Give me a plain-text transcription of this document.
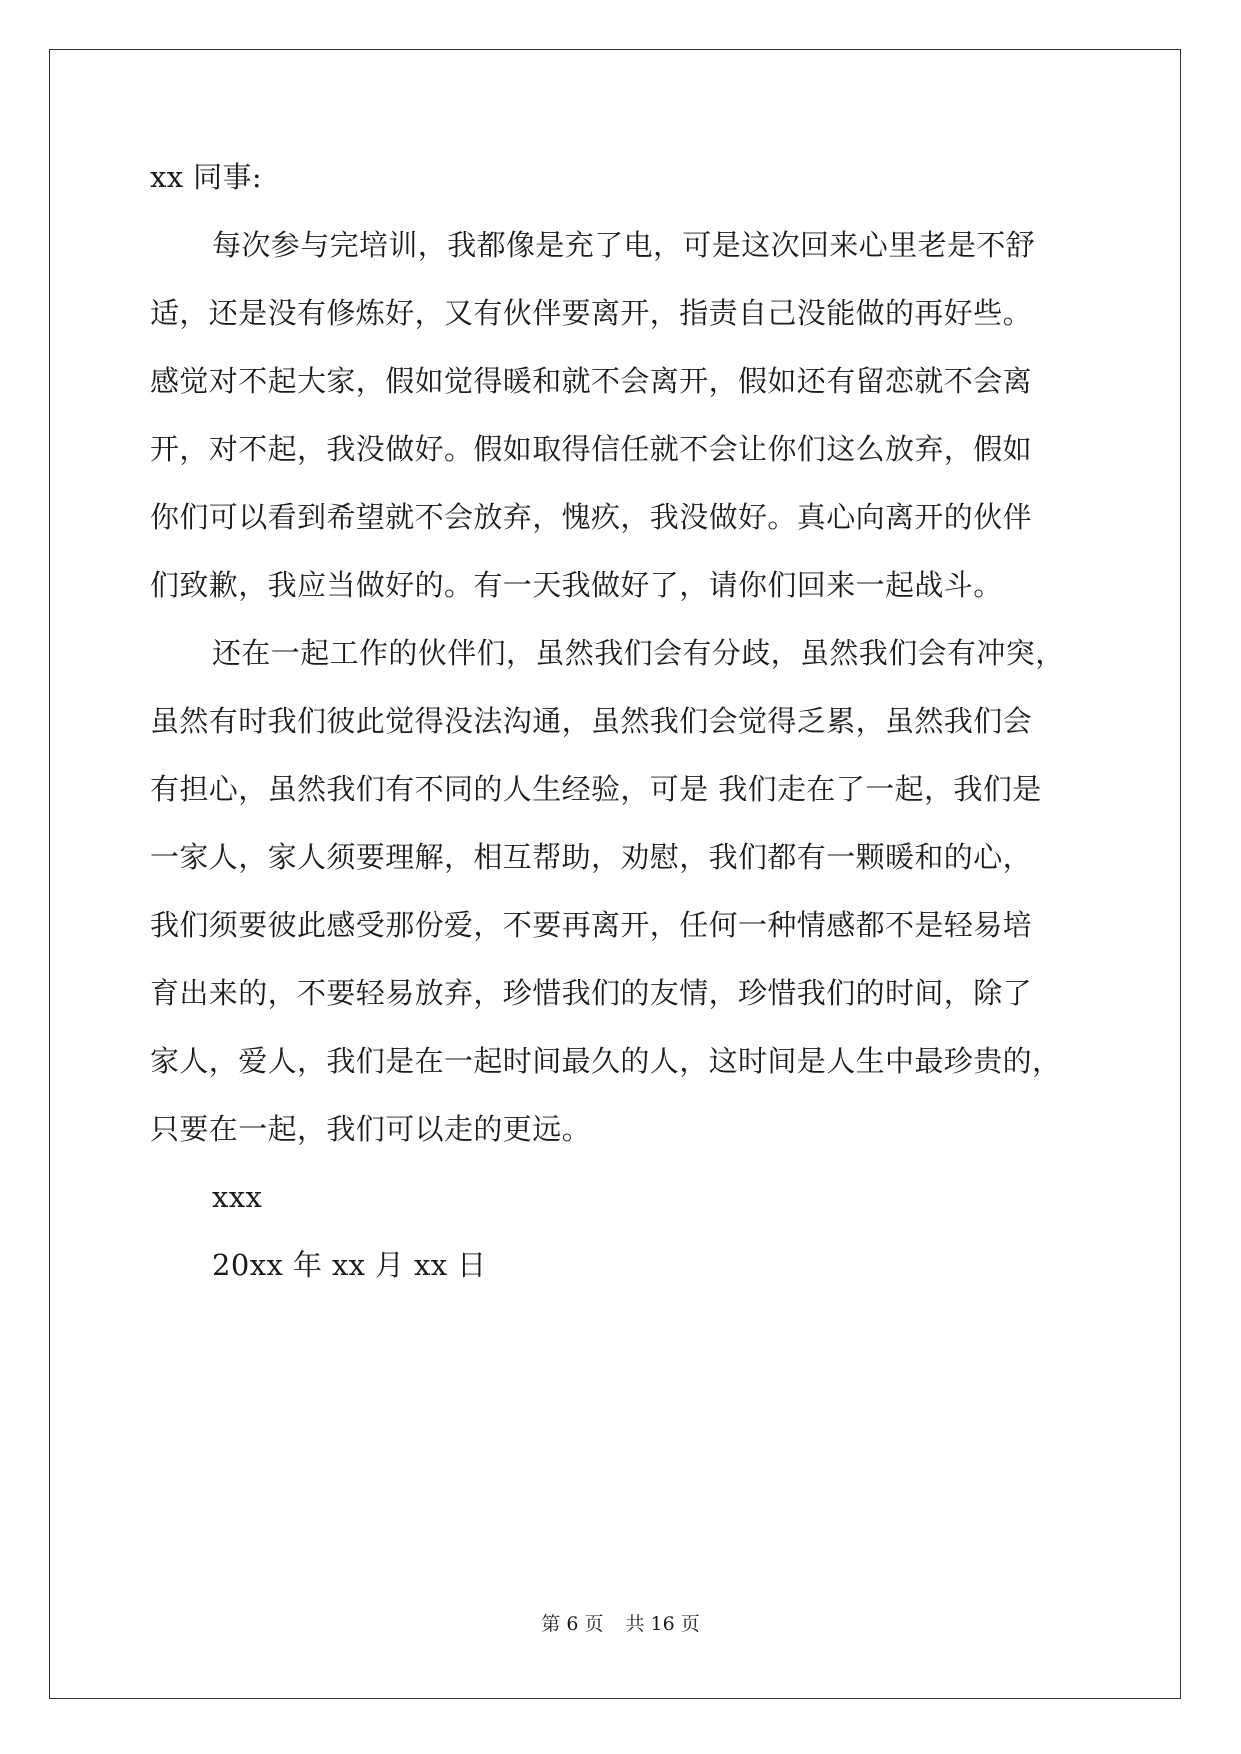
xx 同事:
每次参与完培训，我都像是充了电，可是这次回来心里老是不舒
适，还是没有修炼好，又有伙伴要离开，指责自己没能做的再好些。
感觉对不起大家，假如觉得暖和就不会离开，假如还有留恋就不会离
开，对不起，我没做好。假如取得信任就不会让你们这么放弃，假如
你们可以看到希望就不会放弃，愧疚，我没做好。真心向离开的伙伴
们致歉，我应当做好的。有一天我做好了，请你们回来一起战斗。
还在一起工作的伙伴们，虽然我们会有分歧，虽然我们会有冲突，
虽然有时我们彼此觉得没法沟通，虽然我们会觉得乏累，虽然我们会
有担心，虽然我们有不同的人生经验，可是 我们走在了一起，我们是
一家人，家人须要理解，相互帮助，劝慰，我们都有一颗暖和的心，
我们须要彼此感受那份爱，不要再离开，任何一种情感都不是轻易培
育出来的，不要轻易放弃，珍惜我们的友情，珍惜我们的时间，除了
家人，爱人，我们是在一起时间最久的人，这时间是人生中最珍贵的，
只要在一起，我们可以走的更远。
xxx
20xx 年 xx 月 xx 日
第 6 页 共 16 页
